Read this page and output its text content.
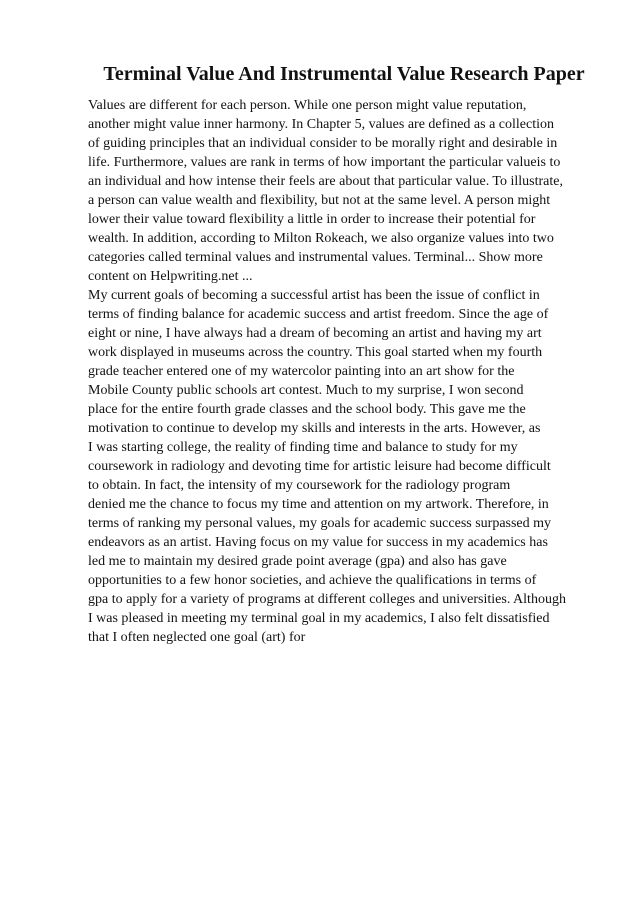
Terminal Value And Instrumental Value Research Paper
Values are different for each person. While one person might value reputation,
another might value inner harmony. In Chapter 5, values are defined as a collection
of guiding principles that an individual consider to be morally right and desirable in
life. Furthermore, values are rank in terms of how important the particular valueis to
an individual and how intense their feels are about that particular value. To illustrate,
a person can value wealth and flexibility, but not at the same level. A person might
lower their value toward flexibility a little in order to increase their potential for
wealth. In addition, according to Milton Rokeach, we also organize values into two
categories called terminal values and instrumental values. Terminal... Show more
content on Helpwriting.net ...
My current goals of becoming a successful artist has been the issue of conflict in
terms of finding balance for academic success and artist freedom. Since the age of
eight or nine, I have always had a dream of becoming an artist and having my art
work displayed in museums across the country. This goal started when my fourth
grade teacher entered one of my watercolor painting into an art show for the
Mobile County public schools art contest. Much to my surprise, I won second
place for the entire fourth grade classes and the school body. This gave me the
motivation to continue to develop my skills and interests in the arts. However, as
I was starting college, the reality of finding time and balance to study for my
coursework in radiology and devoting time for artistic leisure had become difficult
to obtain. In fact, the intensity of my coursework for the radiology program
denied me the chance to focus my time and attention on my artwork. Therefore, in
terms of ranking my personal values, my goals for academic success surpassed my
endeavors as an artist. Having focus on my value for success in my academics has
led me to maintain my desired grade point average (gpa) and also has gave
opportunities to a few honor societies, and achieve the qualifications in terms of
gpa to apply for a variety of programs at different colleges and universities. Although
I was pleased in meeting my terminal goal in my academics, I also felt dissatisfied
that I often neglected one goal (art) for
